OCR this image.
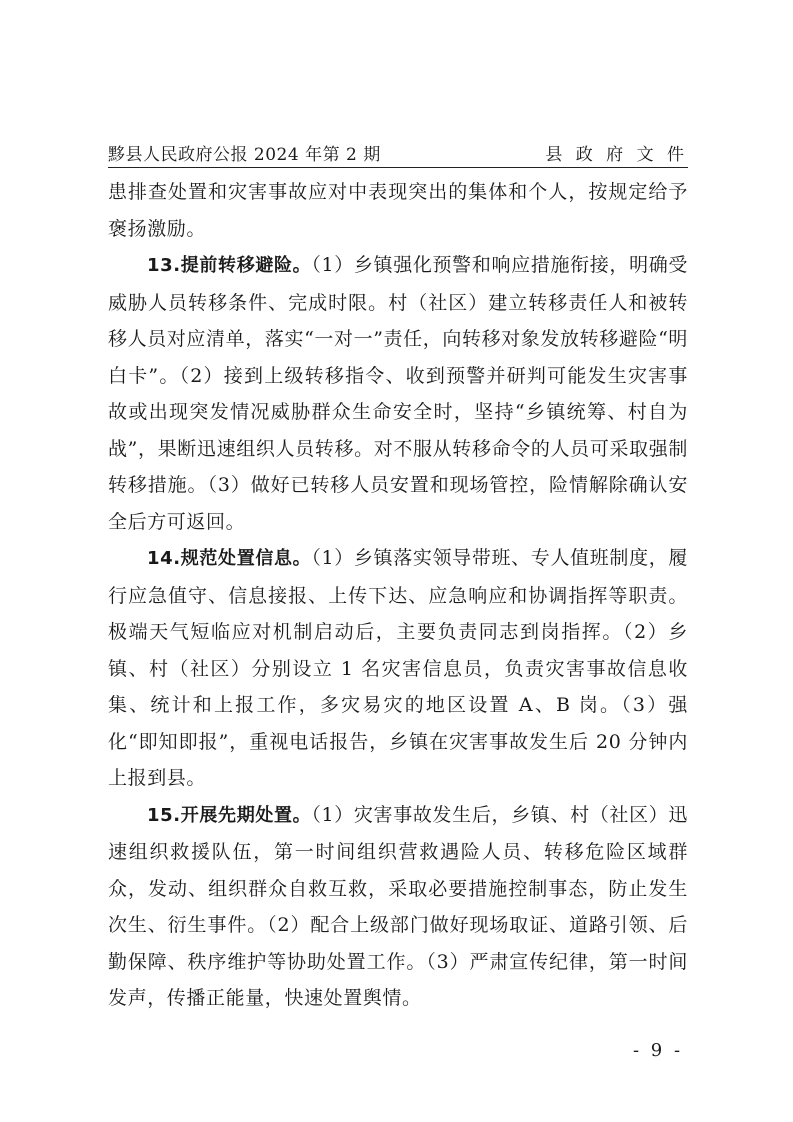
黟县人民政府公报 2024 年第 2 期	县 政 府 文 件

患排查处置和灾害事故应对中表现突出的集体和个人，按规定给予褒扬激励。

13.提前转移避险。（1）乡镇强化预警和响应措施衔接，明确受威胁人员转移条件、完成时限。村（社区）建立转移责任人和被转移人员对应清单，落实“一对一”责任，向转移对象发放转移避险“明白卡”。（2）接到上级转移指令、收到预警并研判可能发生灾害事故或出现突发情况威胁群众生命安全时，坚持“乡镇统筹、村自为战”，果断迅速组织人员转移。对不服从转移命令的人员可采取强制转移措施。（3）做好已转移人员安置和现场管控，险情解除确认安全后方可返回。

14.规范处置信息。（1）乡镇落实领导带班、专人值班制度，履行应急值守、信息接报、上传下达、应急响应和协调指挥等职责。极端天气短临应对机制启动后，主要负责同志到岗指挥。（2）乡镇、村（社区）分别设立 1 名灾害信息员，负责灾害事故信息收集、统计和上报工作，多灾易灾的地区设置 A、B 岗。（3）强化“即知即报”，重视电话报告，乡镇在灾害事故发生后 20 分钟内上报到县。

15.开展先期处置。（1）灾害事故发生后，乡镇、村（社区）迅速组织救援队伍，第一时间组织营救遇险人员、转移危险区域群众，发动、组织群众自救互救，采取必要措施控制事态，防止发生次生、衍生事件。（2）配合上级部门做好现场取证、道路引领、后勤保障、秩序维护等协助处置工作。（3）严肃宣传纪律，第一时间发声，传播正能量，快速处置舆情。

- 9 -
